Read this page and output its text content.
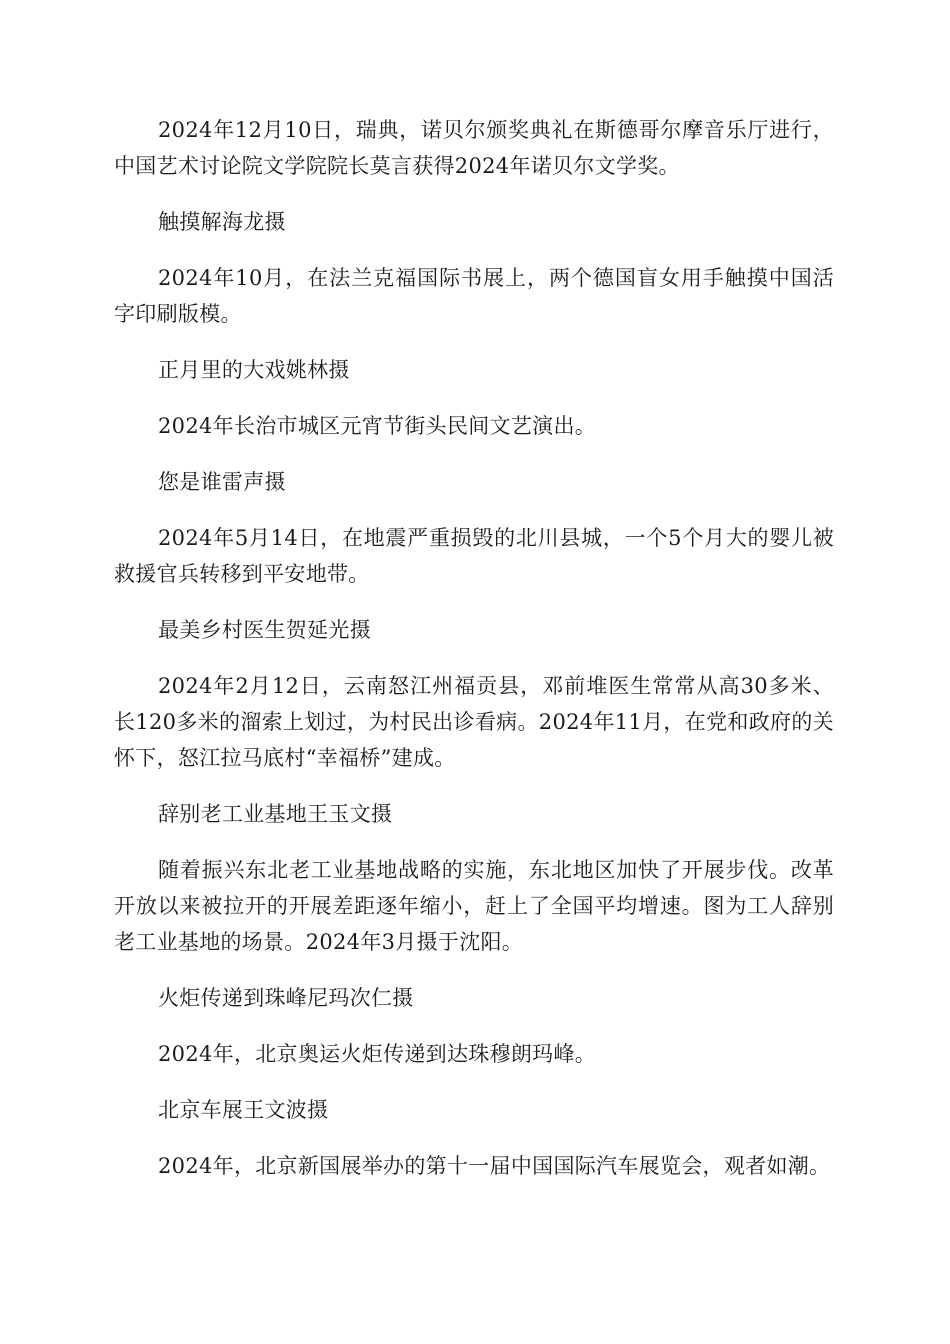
2024年12月10日，瑞典，诺贝尔颁奖典礼在斯德哥尔摩音乐厅进行，中国艺术讨论院文学院院长莫言获得2024年诺贝尔文学奖。

触摸解海龙摄

2024年10月，在法兰克福国际书展上，两个德国盲女用手触摸中国活字印刷版模。

正月里的大戏姚林摄

2024年长治市城区元宵节街头民间文艺演出。

您是谁雷声摄

2024年5月14日，在地震严重损毁的北川县城，一个5个月大的婴儿被救援官兵转移到平安地带。

最美乡村医生贺延光摄

2024年2月12日，云南怒江州福贡县，邓前堆医生常常从高30多米、长120多米的溜索上划过，为村民出诊看病。2024年11月，在党和政府的关怀下，怒江拉马底村“幸福桥”建成。

辞别老工业基地王玉文摄

随着振兴东北老工业基地战略的实施，东北地区加快了开展步伐。改革开放以来被拉开的开展差距逐年缩小，赶上了全国平均增速。图为工人辞别老工业基地的场景。2024年3月摄于沈阳。

火炬传递到珠峰尼玛次仁摄

2024年，北京奥运火炬传递到达珠穆朗玛峰。

北京车展王文波摄

2024年，北京新国展举办的第十一届中国国际汽车展览会，观者如潮。
